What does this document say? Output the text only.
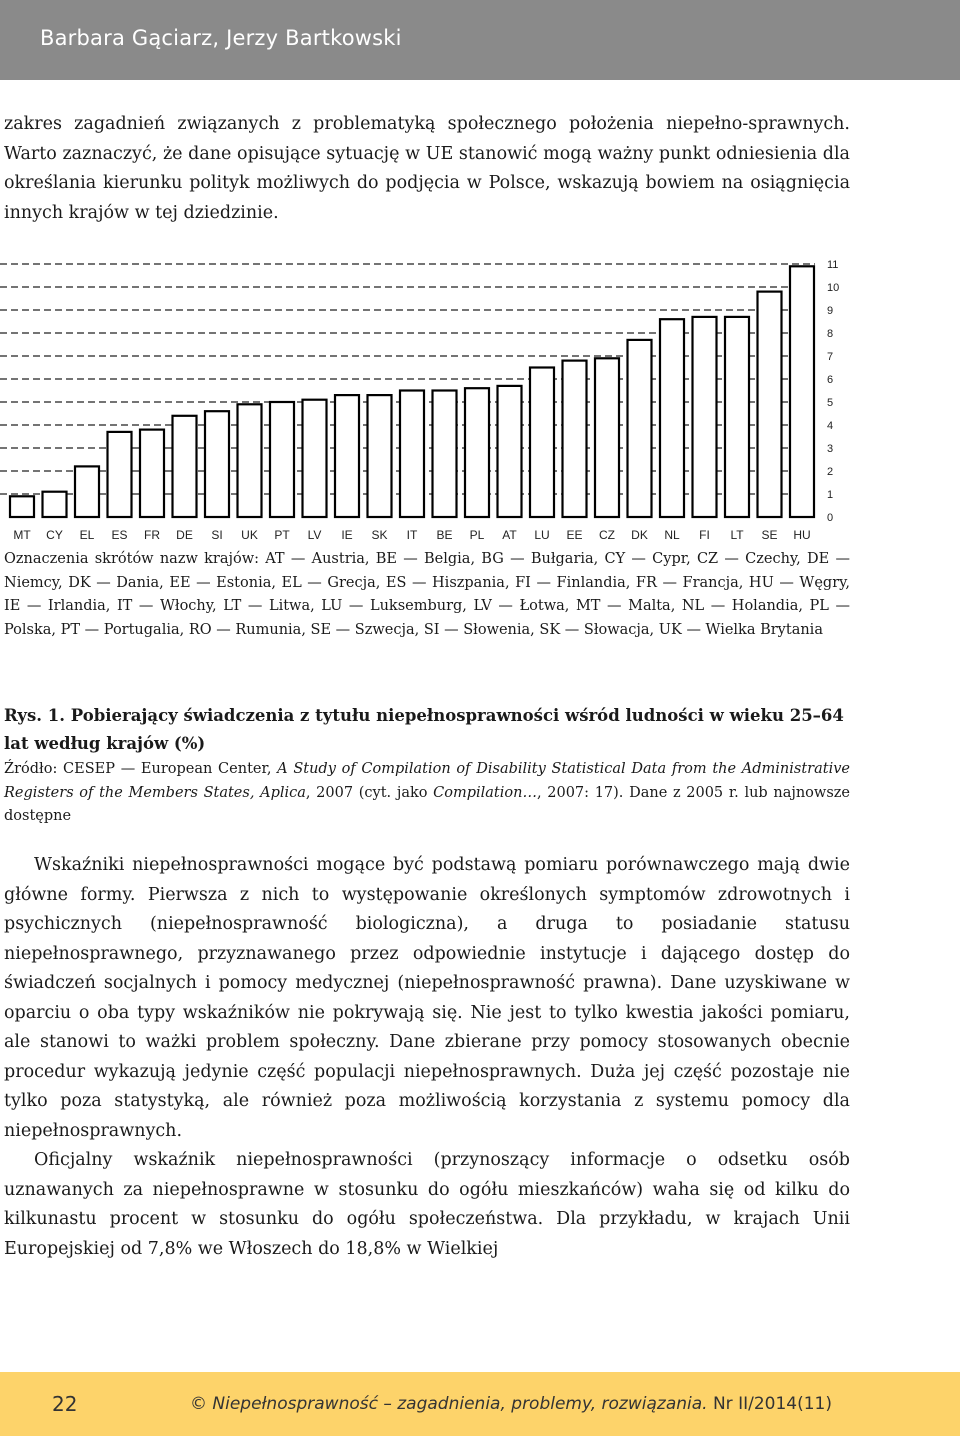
Barbara Gąciarz, Jerzy Bartkowski

zakres zagadnień związanych z problematyką społecznego położenia niepełno-sprawnych. Warto zaznaczyć, że dane opisujące sytuację w UE stanowić mogą ważny punkt odniesienia dla określania kierunku polityk możliwych do podjęcia w Polsce, wskazują bowiem na osiągnięcia innych krajów w tej dziedzinie.

MT CY EL ES FR DE SI UK PT LV IE SK IT BE PL AT LU EE CZ DK NL FI LT SE HU
0
1
2
3
4
5
6
7
8
9
10
11

Oznaczenia skrótów nazw krajów: AT — Austria, BE — Belgia, BG — Bułgaria, CY — Cypr, CZ — Czechy, DE — Niemcy, DK — Dania, EE — Estonia, EL — Grecja, ES — Hiszpania, FI — Finlandia, FR — Francja, HU — Węgry, IE — Irlandia, IT — Włochy, LT — Litwa, LU — Luksemburg, LV — Łotwa, MT — Malta, NL — Holandia, PL — Polska, PT — Portugalia, RO — Rumunia, SE — Szwecja, SI — Słowenia, SK — Słowacja, UK — Wielka Brytania

Rys. 1. Pobierający świadczenia z tytułu niepełnosprawności wśród ludności w wieku 25–64 lat według krajów (%)

Źródło: CESEP — European Center, A Study of Compilation of Disability Statistical Data from the Administrative Registers of the Members States, Aplica, 2007 (cyt. jako Compilation…, 2007: 17). Dane z 2005 r. lub najnowsze dostępne

Wskaźniki niepełnosprawności mogące być podstawą pomiaru porównawczego mają dwie główne formy. Pierwsza z nich to występowanie określonych symptomów zdrowotnych i psychicznych (niepełnosprawność biologiczna), a druga to posiadanie statusu niepełnosprawnego, przyznawanego przez odpowiednie instytucje i dającego dostęp do świadczeń socjalnych i pomocy medycznej (niepełnosprawność prawna). Dane uzyskiwane w oparciu o oba typy wskaźników nie pokrywają się. Nie jest to tylko kwestia jakości pomiaru, ale stanowi to ważki problem społeczny. Dane zbierane przy pomocy stosowanych obecnie procedur wykazują jedynie część populacji niepełnosprawnych. Duża jej część pozostaje nie tylko poza statystyką, ale również poza możliwością korzystania z systemu pomocy dla niepełnosprawnych.

Oficjalny wskaźnik niepełnosprawności (przynoszący informacje o odsetku osób uznawanych za niepełnosprawne w stosunku do ogółu mieszkańców) waha się od kilku do kilkunastu procent w stosunku do ogółu społeczeństwa. Dla przykładu, w krajach Unii Europejskiej od 7,8% we Włoszech do 18,8% w Wielkiej

22	© Niepełnosprawność – zagadnienia, problemy, rozwiązania. Nr II/2014(11)
